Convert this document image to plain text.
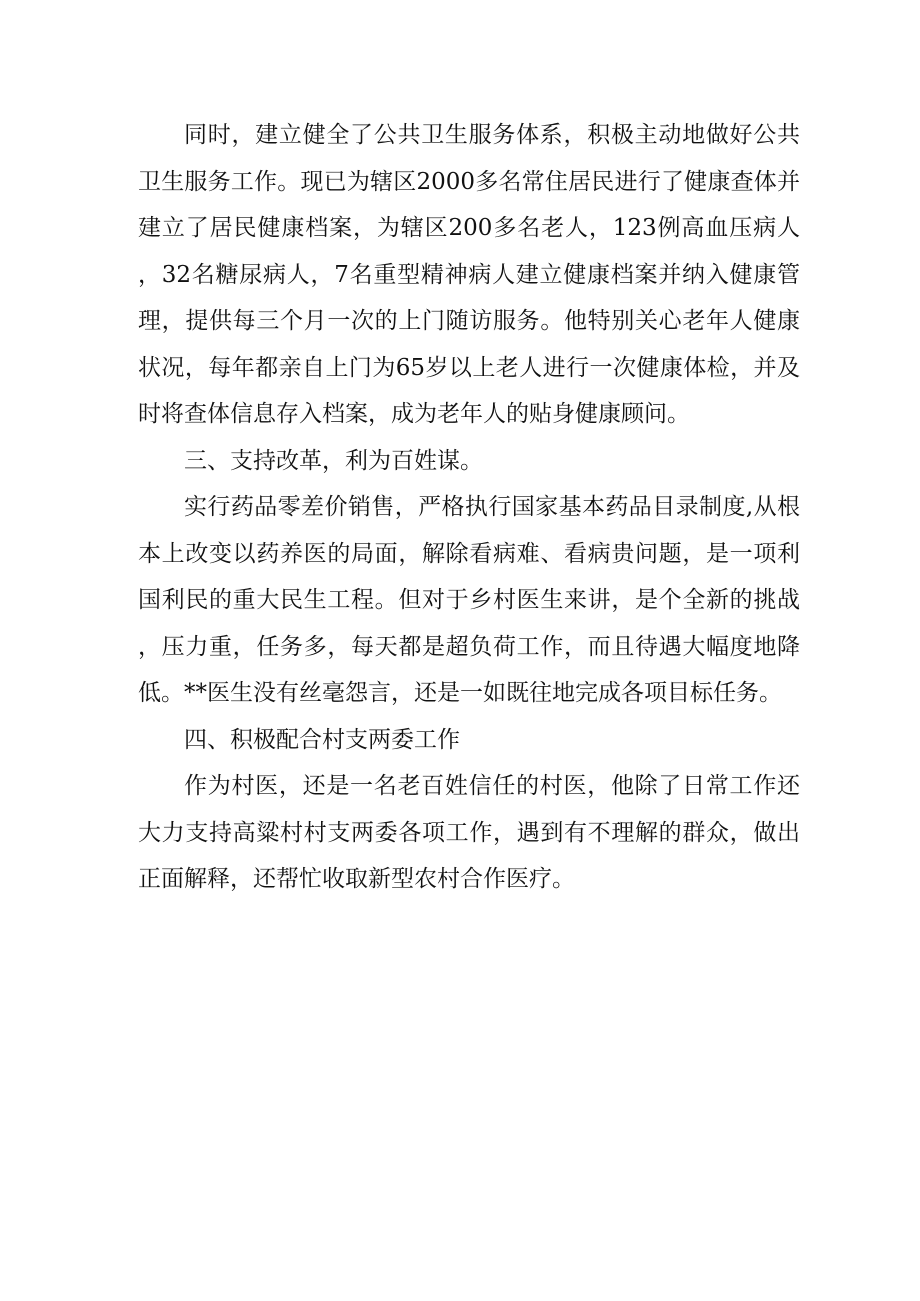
同时，建立健全了公共卫生服务体系，积极主动地做好公共卫生服务工作。现已为辖区2000多名常住居民进行了健康查体并建立了居民健康档案，为辖区200多名老人，123例高血压病人，32名糖尿病人，7名重型精神病人建立健康档案并纳入健康管理，提供每三个月一次的上门随访服务。他特别关心老年人健康状况，每年都亲自上门为65岁以上老人进行一次健康体检，并及时将查体信息存入档案，成为老年人的贴身健康顾问。

三、支持改革，利为百姓谋。

实行药品零差价销售，严格执行国家基本药品目录制度,从根本上改变以药养医的局面，解除看病难、看病贵问题，是一项利国利民的重大民生工程。但对于乡村医生来讲，是个全新的挑战，压力重，任务多，每天都是超负荷工作，而且待遇大幅度地降低。**医生没有丝毫怨言，还是一如既往地完成各项目标任务。

四、积极配合村支两委工作

作为村医，还是一名老百姓信任的村医，他除了日常工作还大力支持高粱村村支两委各项工作，遇到有不理解的群众，做出正面解释，还帮忙收取新型农村合作医疗。
